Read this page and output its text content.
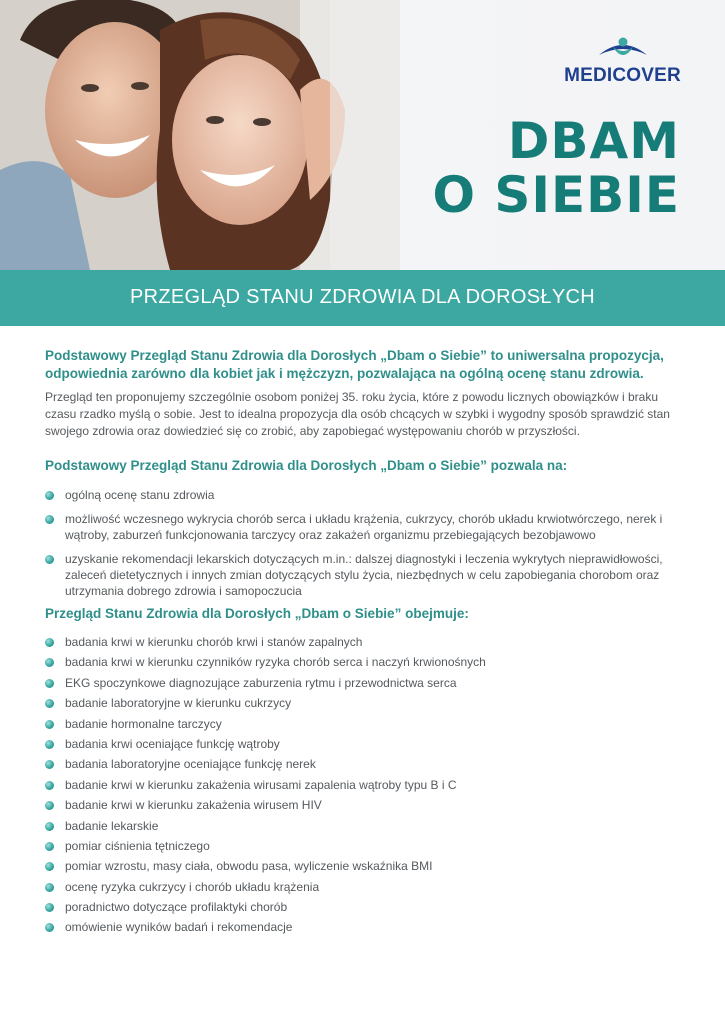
MEDICOVER
DBAM
O SIEBIE
PRZEGLĄD STANU ZDROWIA DLA DOROSŁYCH

Podstawowy Przegląd Stanu Zdrowia dla Dorosłych „Dbam o Siebie” to uniwersalna propozycja, odpowiednia zarówno dla kobiet jak i mężczyzn, pozwalająca na ogólną ocenę stanu zdrowia.

Przegląd ten proponujemy szczególnie osobom poniżej 35. roku życia, które z powodu licznych obowiązków i braku czasu rzadko myślą o sobie. Jest to idealna propozycja dla osób chcących w szybki i wygodny sposób sprawdzić stan swojego zdrowia oraz dowiedzieć się co zrobić, aby zapobiegać występowaniu chorób w przyszłości.

Podstawowy Przegląd Stanu Zdrowia dla Dorosłych „Dbam o Siebie” pozwala na:

ogólną ocenę stanu zdrowia
możliwość wczesnego wykrycia chorób serca i układu krążenia, cukrzycy, chorób układu krwiotwórczego, nerek i wątroby, zaburzeń funkcjonowania tarczycy oraz zakażeń organizmu przebiegających bezobjawowo
uzyskanie rekomendacji lekarskich dotyczących m.in.: dalszej diagnostyki i leczenia wykrytych nieprawidłowości, zaleceń dietetycznych i innych zmian dotyczących stylu życia, niezbędnych w celu zapobiegania chorobom oraz utrzymania dobrego zdrowia i samopoczucia

Przegląd Stanu Zdrowia dla Dorosłych „Dbam o Siebie” obejmuje:

badania krwi w kierunku chorób krwi i stanów zapalnych
badania krwi w kierunku czynników ryzyka chorób serca i naczyń krwionośnych
EKG spoczynkowe diagnozujące zaburzenia rytmu i przewodnictwa serca
badanie laboratoryjne w kierunku cukrzycy
badanie hormonalne tarczycy
badania krwi oceniające funkcję wątroby
badania laboratoryjne oceniające funkcję nerek
badanie krwi w kierunku zakażenia wirusami zapalenia wątroby typu B i C
badanie krwi w kierunku zakażenia wirusem HIV
badanie lekarskie
pomiar ciśnienia tętniczego
pomiar wzrostu, masy ciała, obwodu pasa, wyliczenie wskaźnika BMI
ocenę ryzyka cukrzycy i chorób układu krążenia
poradnictwo dotyczące profilaktyki chorób
omówienie wyników badań i rekomendacje
